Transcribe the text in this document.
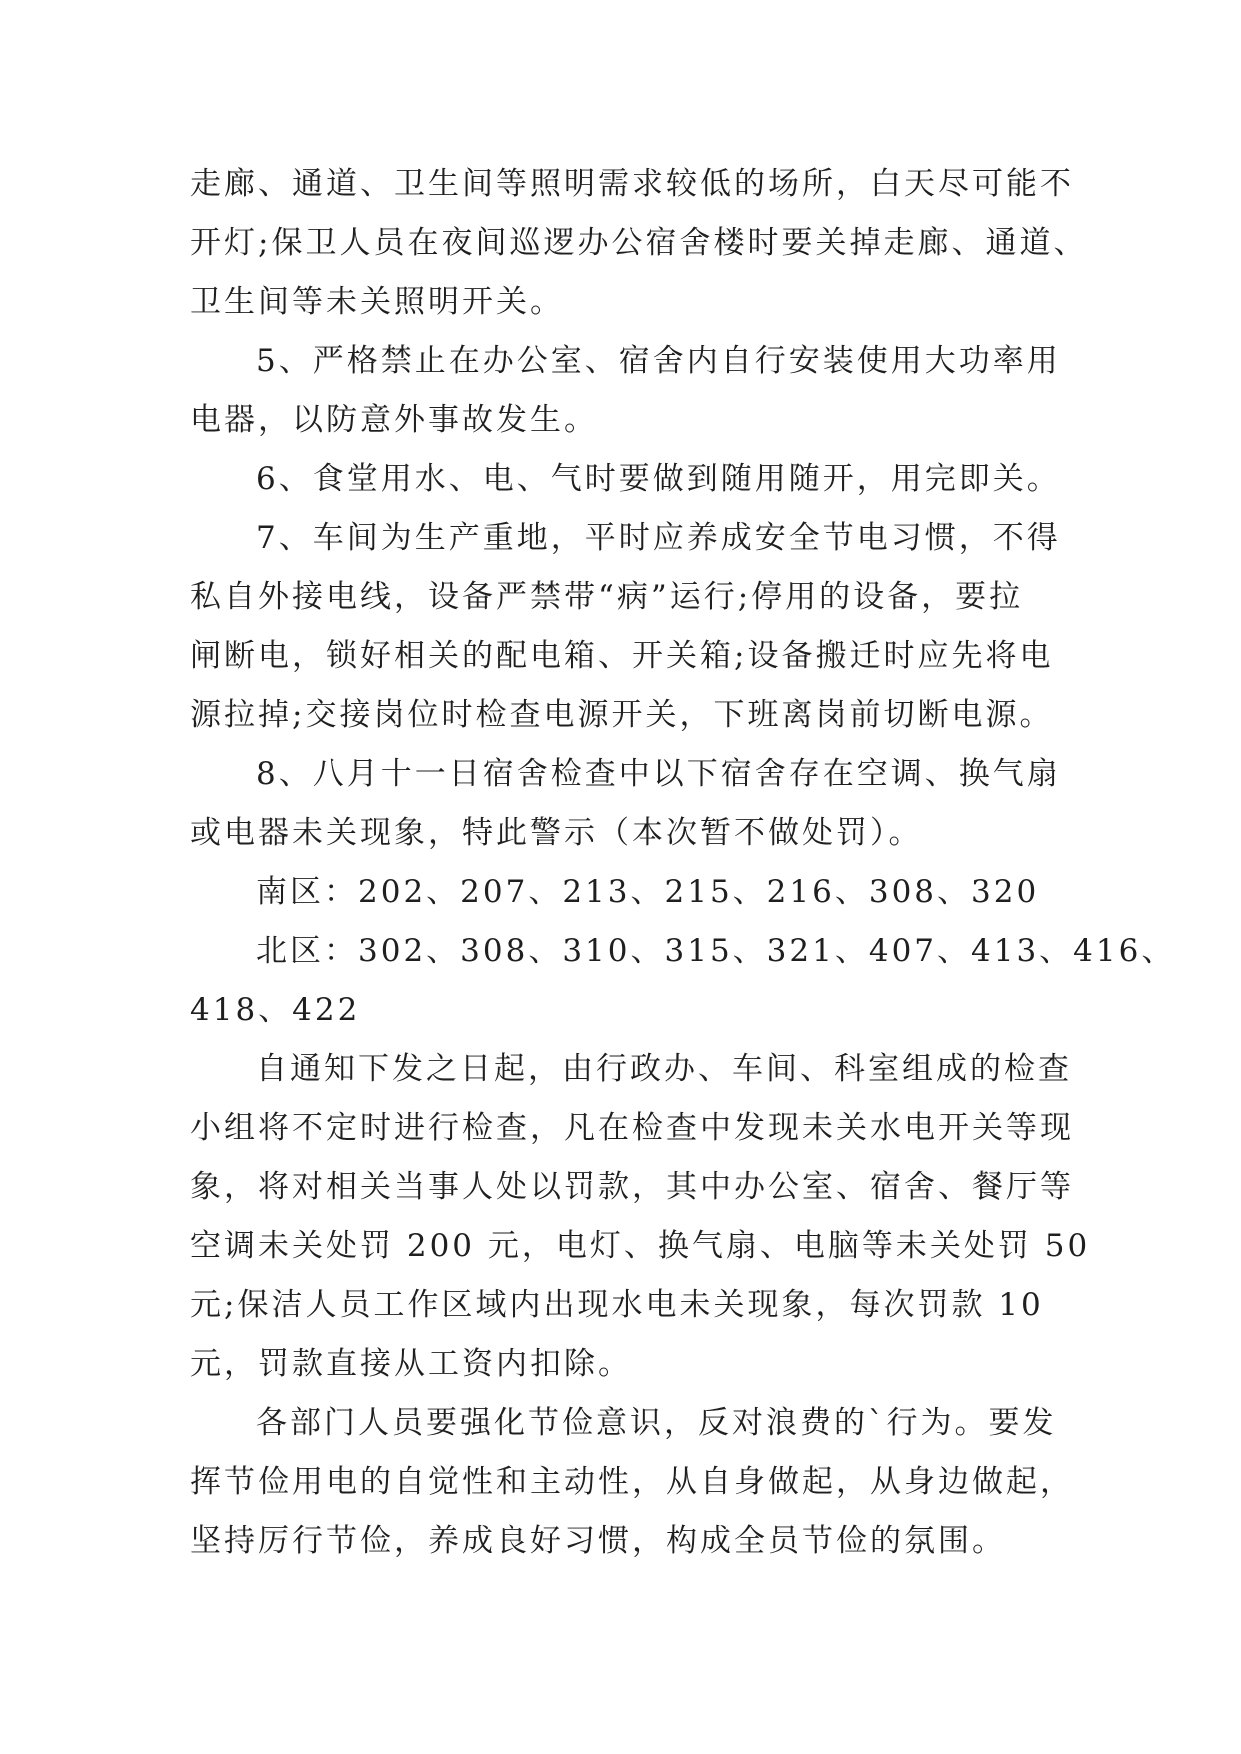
走廊、通道、卫生间等照明需求较低的场所，白天尽可能不
开灯;保卫人员在夜间巡逻办公宿舍楼时要关掉走廊、通道、
卫生间等未关照明开关。
5、严格禁止在办公室、宿舍内自行安装使用大功率用
电器，以防意外事故发生。
6、食堂用水、电、气时要做到随用随开，用完即关。
7、车间为生产重地，平时应养成安全节电习惯，不得
私自外接电线，设备严禁带“病”运行;停用的设备，要拉
闸断电，锁好相关的配电箱、开关箱;设备搬迁时应先将电
源拉掉;交接岗位时检查电源开关，下班离岗前切断电源。
8、八月十一日宿舍检查中以下宿舍存在空调、换气扇
或电器未关现象，特此警示（本次暂不做处罚）。
南区：202、207、213、215、216、308、320
北区：302、308、310、315、321、407、413、416、
418、422
自通知下发之日起，由行政办、车间、科室组成的检查
小组将不定时进行检查，凡在检查中发现未关水电开关等现
象，将对相关当事人处以罚款，其中办公室、宿舍、餐厅等
空调未关处罚 200 元，电灯、换气扇、电脑等未关处罚 50
元;保洁人员工作区域内出现水电未关现象，每次罚款 10
元，罚款直接从工资内扣除。
各部门人员要强化节俭意识，反对浪费的`行为。要发
挥节俭用电的自觉性和主动性，从自身做起，从身边做起，
坚持厉行节俭，养成良好习惯，构成全员节俭的氛围。
